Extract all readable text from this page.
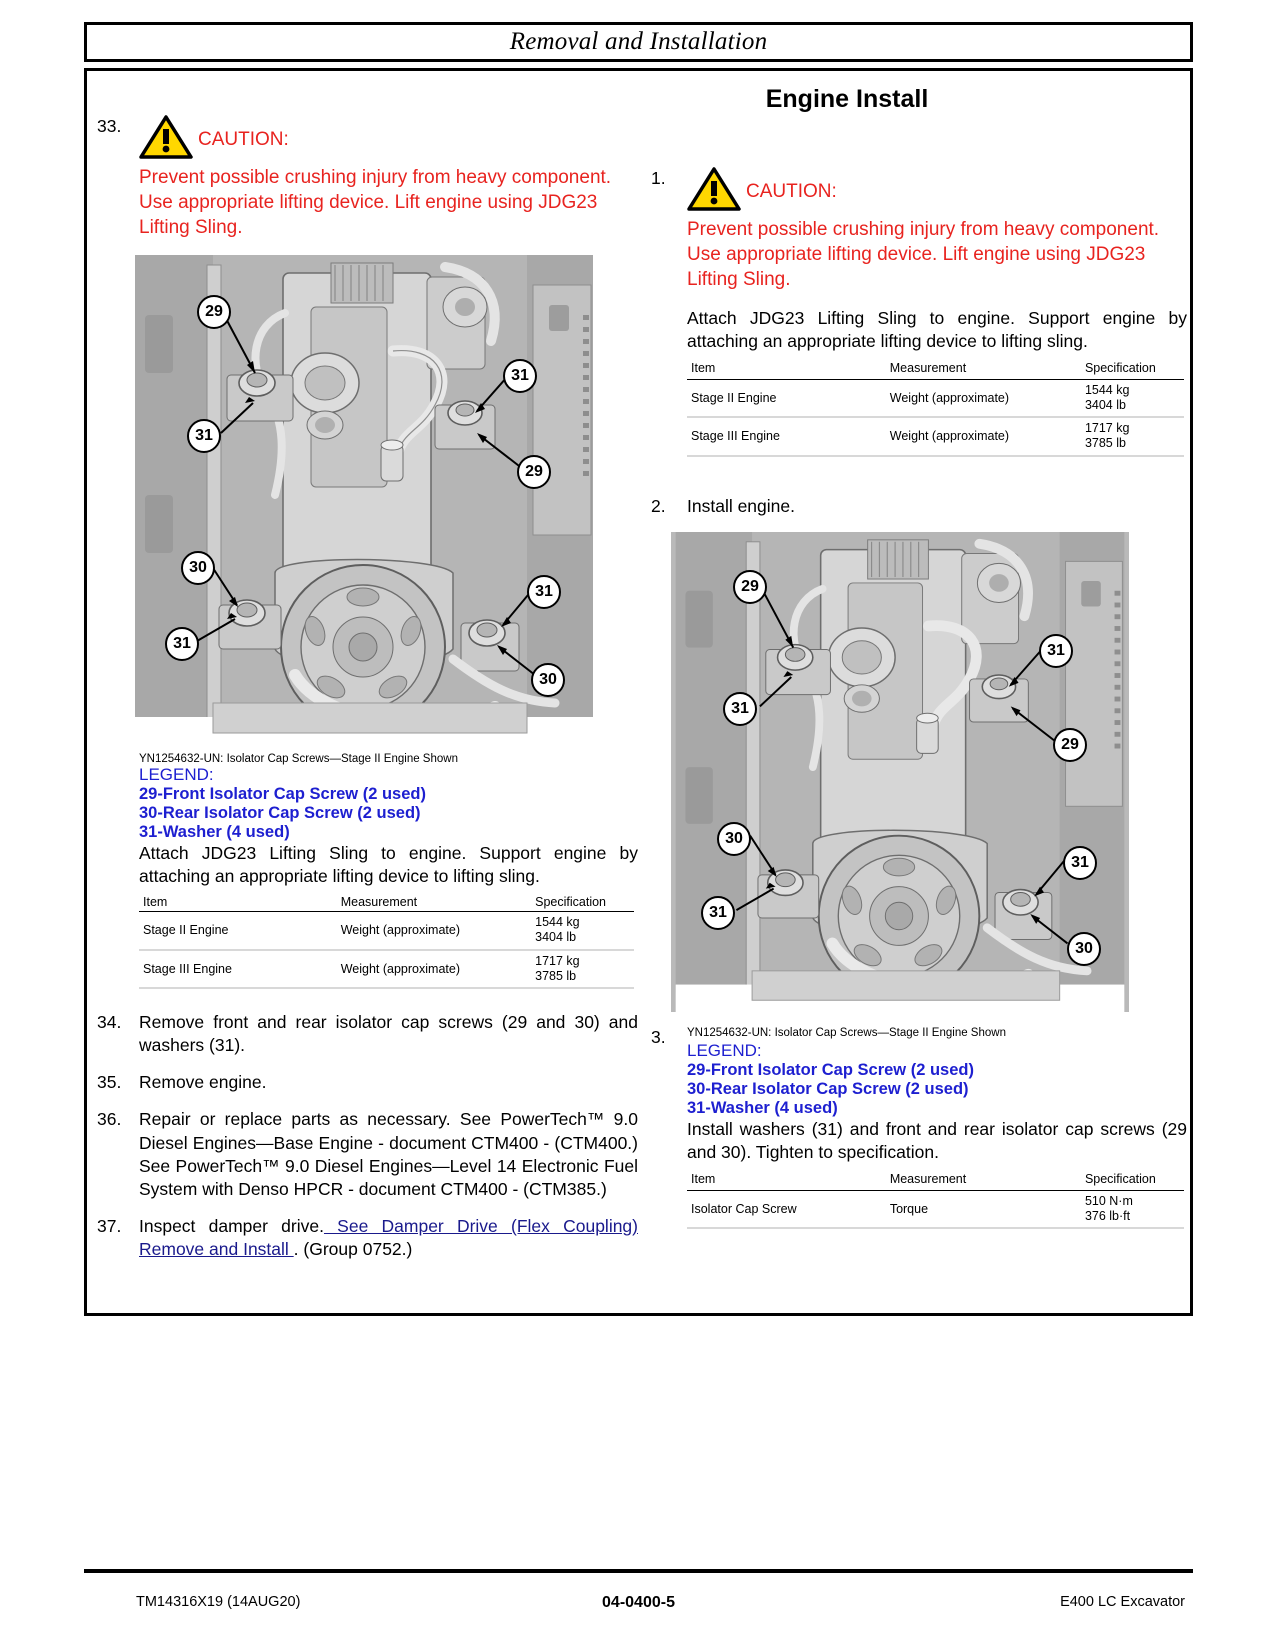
Removal and Installation
Engine Install
33.
CAUTION:
Prevent possible crushing injury from heavy component.
Use appropriate lifting device. Lift engine using JDG23
Lifting Sling.
29
31
31
29
30
31
31
30
YN1254632-UN: Isolator Cap Screws—Stage II Engine Shown
LEGEND:
29-Front Isolator Cap Screw (2 used)
30-Rear Isolator Cap Screw (2 used)
31-Washer (4 used)
Attach JDG23 Lifting Sling to engine. Support engine by attaching an appropriate lifting device to lifting sling.
Item	Measurement	Specification
Stage II Engine	Weight (approximate)	1544 kg
3404 lb

Stage III Engine	Weight (approximate)	1717 kg
3785 lb
34.	Remove front and rear isolator cap screws (29 and 30) and washers (31).
35.	Remove engine.
36.	Repair or replace parts as necessary. See PowerTech™ 9.0 Diesel Engines—Base Engine - document CTM400 - (CTM400.) See PowerTech™ 9.0 Diesel Engines—Level 14 Electronic Fuel System with Denso HPCR - document CTM400 - (CTM385.)
37.	Inspect damper drive. See Damper Drive (Flex Coupling) Remove and Install . (Group 0752.)
1.
CAUTION:
Prevent possible crushing injury from heavy component.
Use appropriate lifting device. Lift engine using JDG23
Lifting Sling.
Attach JDG23 Lifting Sling to engine. Support engine by attaching an appropriate lifting device to lifting sling.
Item	Measurement	Specification
Stage II Engine	Weight (approximate)	1544 kg
3404 lb

Stage III Engine	Weight (approximate)	1717 kg
3785 lb
2.	Install engine.
29
31
31
29
30
31
31
30
3.	YN1254632-UN: Isolator Cap Screws—Stage II Engine Shown
LEGEND:
29-Front Isolator Cap Screw (2 used)
30-Rear Isolator Cap Screw (2 used)
31-Washer (4 used)
Install washers (31) and front and rear isolator cap screws (29 and 30). Tighten to specification.
Item	Measurement	Specification
Isolator Cap Screw	Torque	510 N·m
376 lb·ft
TM14316X19 (14AUG20)	04-0400-5	E400 LC Excavator
